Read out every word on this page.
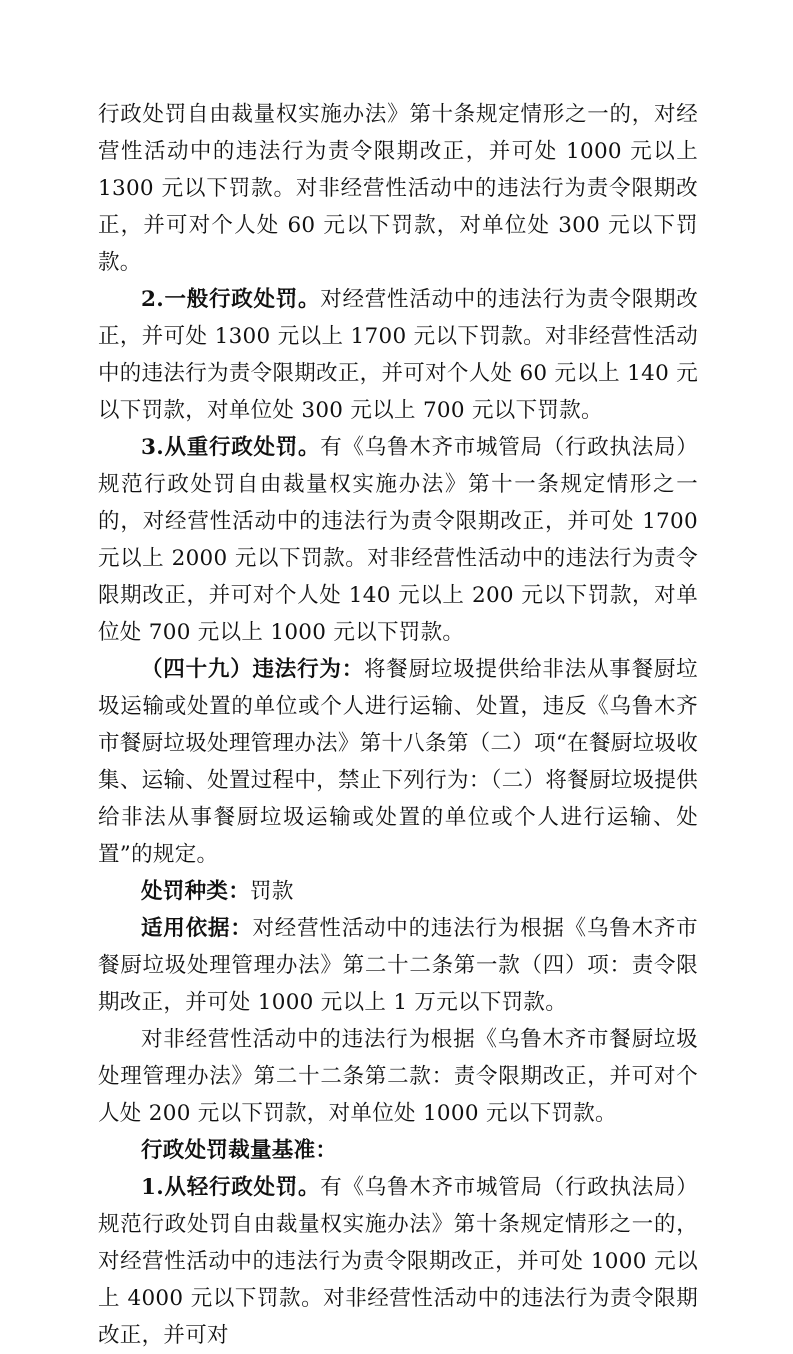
行政处罚自由裁量权实施办法》第十条规定情形之一的，对经营性活动中的违法行为责令限期改正，并可处 1000 元以上 1300 元以下罚款。对非经营性活动中的违法行为责令限期改正，并可对个人处 60 元以下罚款，对单位处 300 元以下罚款。

2.一般行政处罚。对经营性活动中的违法行为责令限期改正，并可处 1300 元以上 1700 元以下罚款。对非经营性活动中的违法行为责令限期改正，并可对个人处 60 元以上 140 元以下罚款，对单位处 300 元以上 700 元以下罚款。

3.从重行政处罚。有《乌鲁木齐市城管局（行政执法局）规范行政处罚自由裁量权实施办法》第十一条规定情形之一的，对经营性活动中的违法行为责令限期改正，并可处 1700 元以上 2000 元以下罚款。对非经营性活动中的违法行为责令限期改正，并可对个人处 140 元以上 200 元以下罚款，对单位处 700 元以上 1000 元以下罚款。

（四十九）违法行为：将餐厨垃圾提供给非法从事餐厨垃圾运输或处置的单位或个人进行运输、处置，违反《乌鲁木齐市餐厨垃圾处理管理办法》第十八条第（二）项“在餐厨垃圾收集、运输、处置过程中，禁止下列行为：（二）将餐厨垃圾提供给非法从事餐厨垃圾运输或处置的单位或个人进行运输、处置”的规定。

处罚种类：罚款

适用依据：对经营性活动中的违法行为根据《乌鲁木齐市餐厨垃圾处理管理办法》第二十二条第一款（四）项：责令限期改正，并可处 1000 元以上 1 万元以下罚款。

对非经营性活动中的违法行为根据《乌鲁木齐市餐厨垃圾处理管理办法》第二十二条第二款：责令限期改正，并可对个人处 200 元以下罚款，对单位处 1000 元以下罚款。

行政处罚裁量基准：

1.从轻行政处罚。有《乌鲁木齐市城管局（行政执法局）规范行政处罚自由裁量权实施办法》第十条规定情形之一的，对经营性活动中的违法行为责令限期改正，并可处 1000 元以上 4000 元以下罚款。对非经营性活动中的违法行为责令限期改正，并可对
